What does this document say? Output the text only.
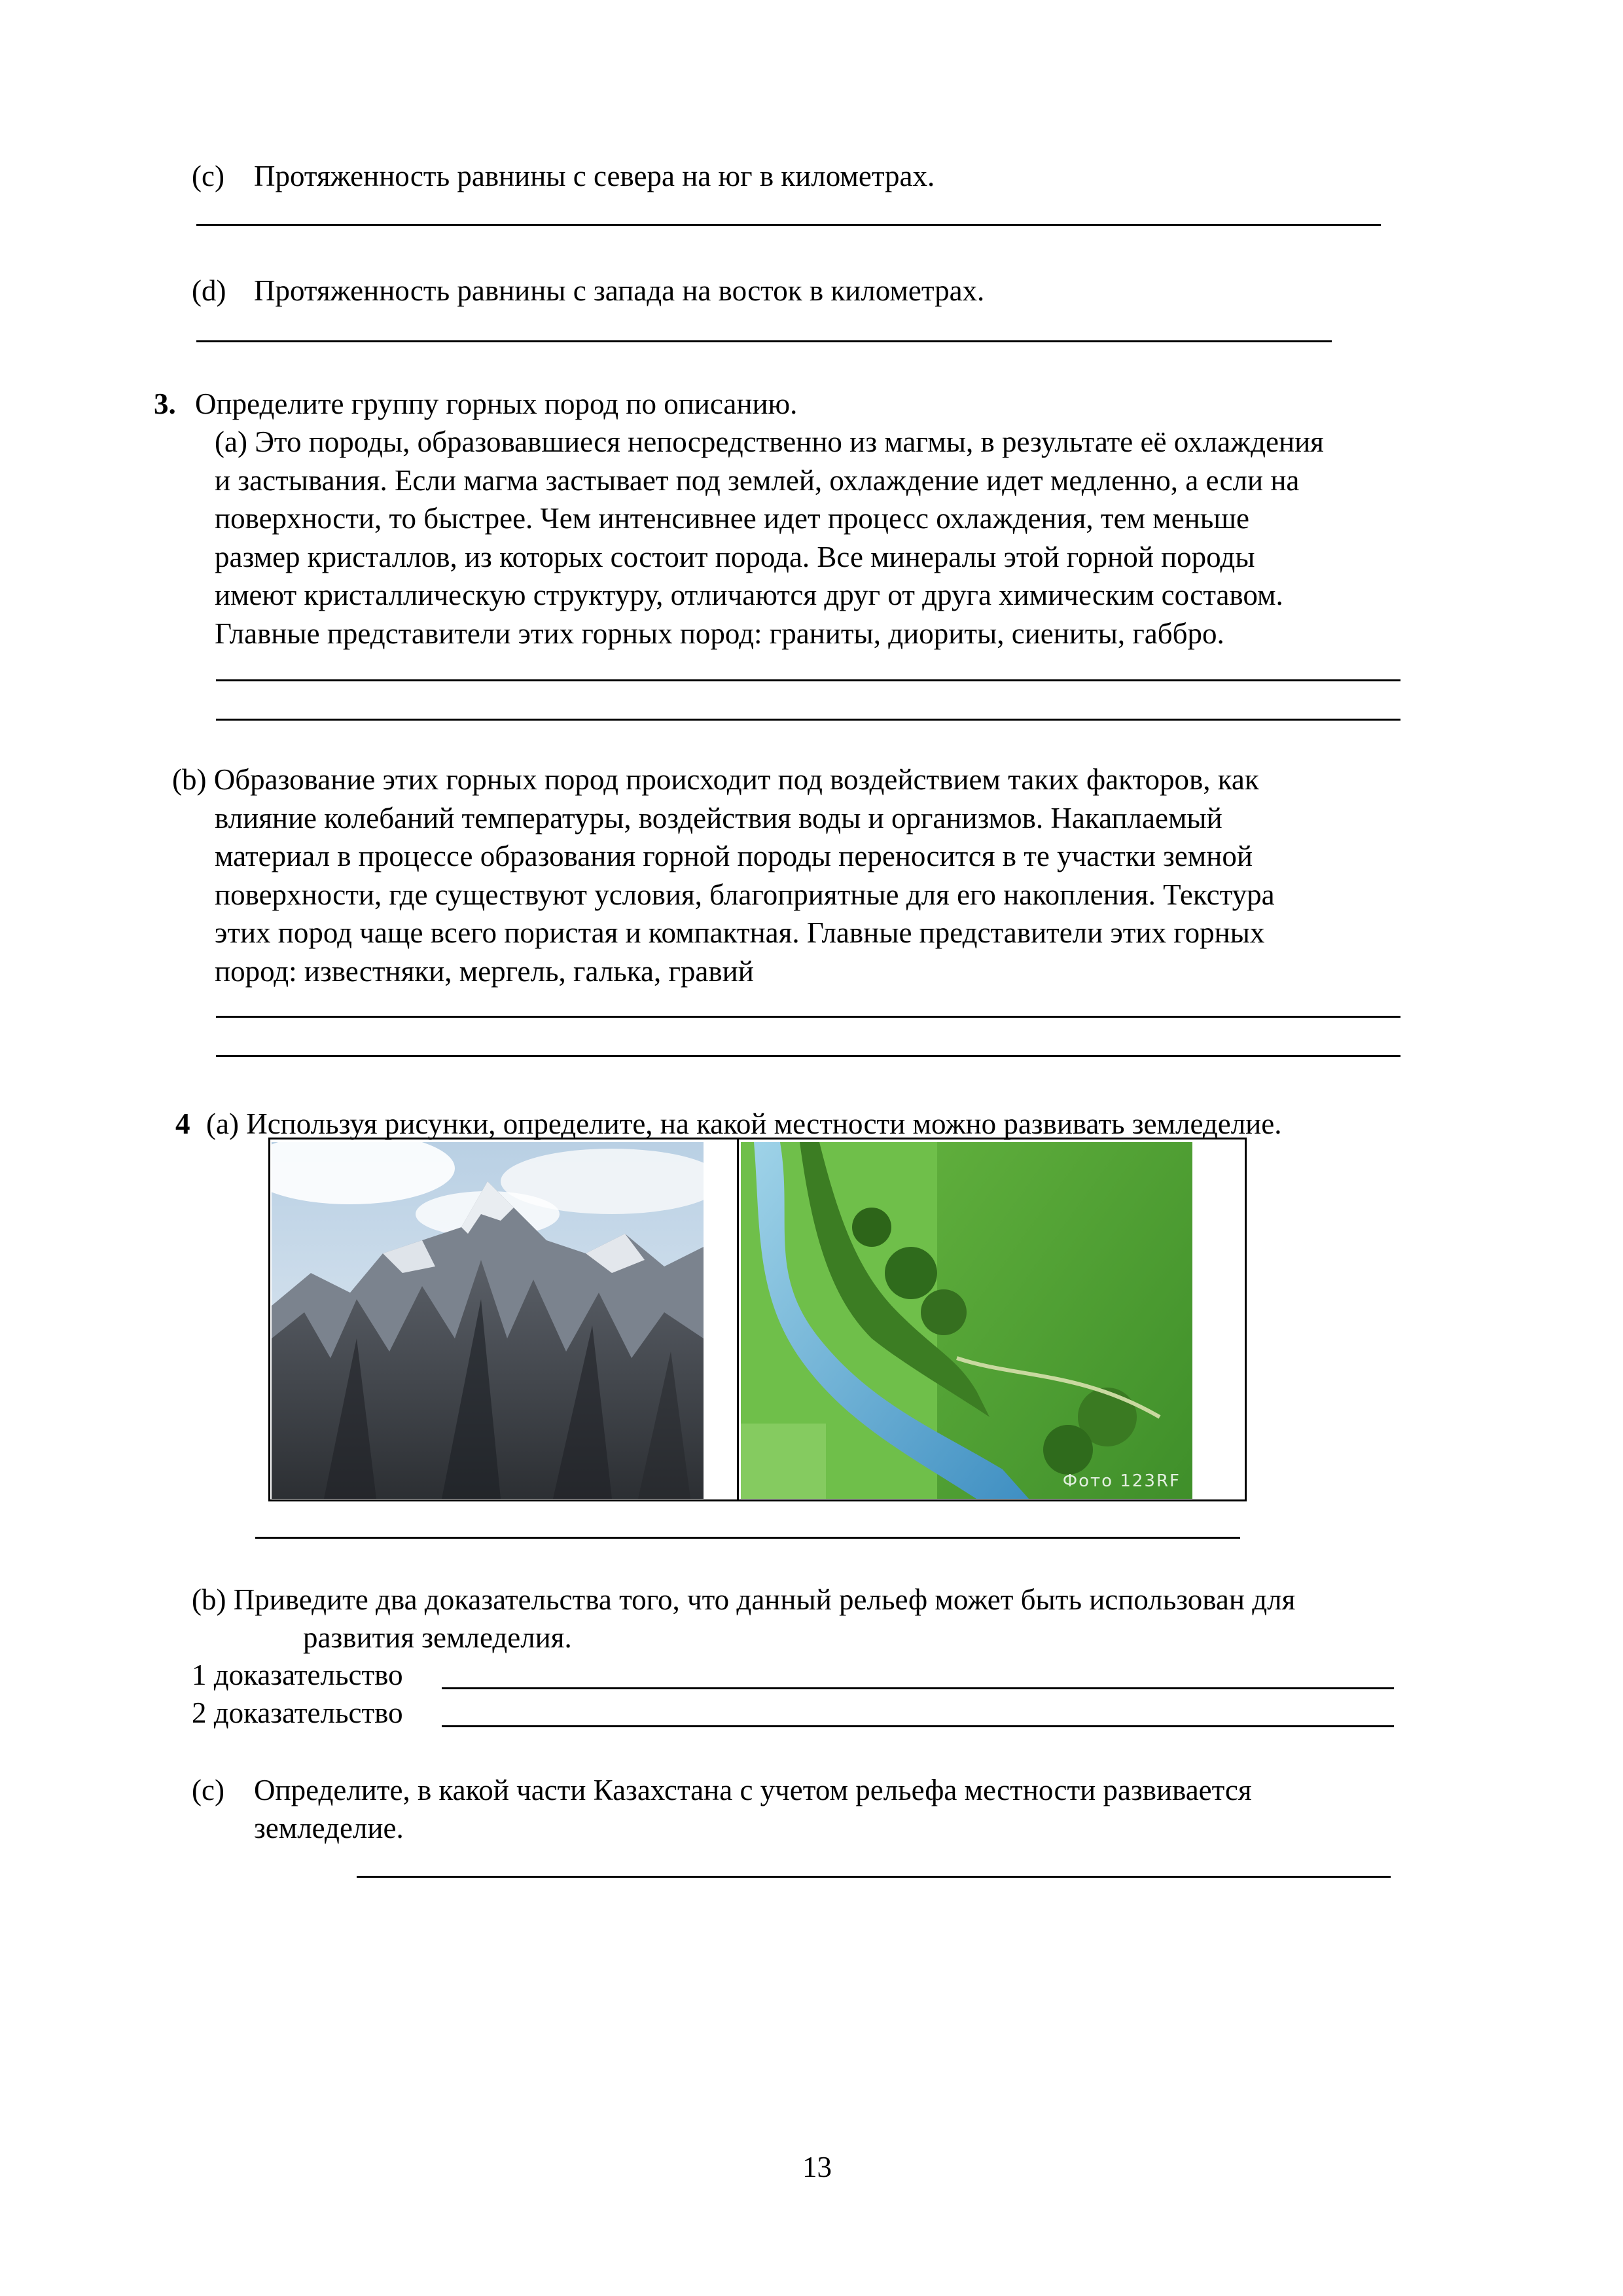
(c) Протяженность равнины с севера на юг в километрах.
(d) Протяженность равнины с запада на восток в километрах.
3. Определите группу горных пород по описанию.
(a) Это породы, образовавшиеся непосредственно из магмы, в результате её охлаждения
и застывания. Если магма застывает под землей, охлаждение идет медленно, а если на
поверхности, то быстрее. Чем интенсивнее идет процесс охлаждения, тем меньше
размер кристаллов, из которых состоит порода. Все минералы этой горной породы
имеют кристаллическую структуру, отличаются друг от друга химическим составом.
Главные представители этих горных пород: граниты, диориты, сиениты, габбро.
(b) Образование этих горных пород происходит под воздействием таких факторов, как
влияние колебаний температуры, воздействия воды и организмов. Накаплаемый
материал в процессе образования горной породы переносится в те участки земной
поверхности, где существуют условия, благоприятные для его накопления. Текстура
этих пород чаще всего пористая и компактная. Главные представители этих горных
пород: известняки, мергель, галька, гравий
4 (a) Используя рисунки, определите, на какой местности можно развивать земледелие.
Фото 123RF
(b) Приведите два доказательства того, что данный рельеф может быть использован для
развития земледелия.
1 доказательство
2 доказательство
(c) Определите, в какой части Казахстана с учетом рельефа местности развивается
земледелие.
13
